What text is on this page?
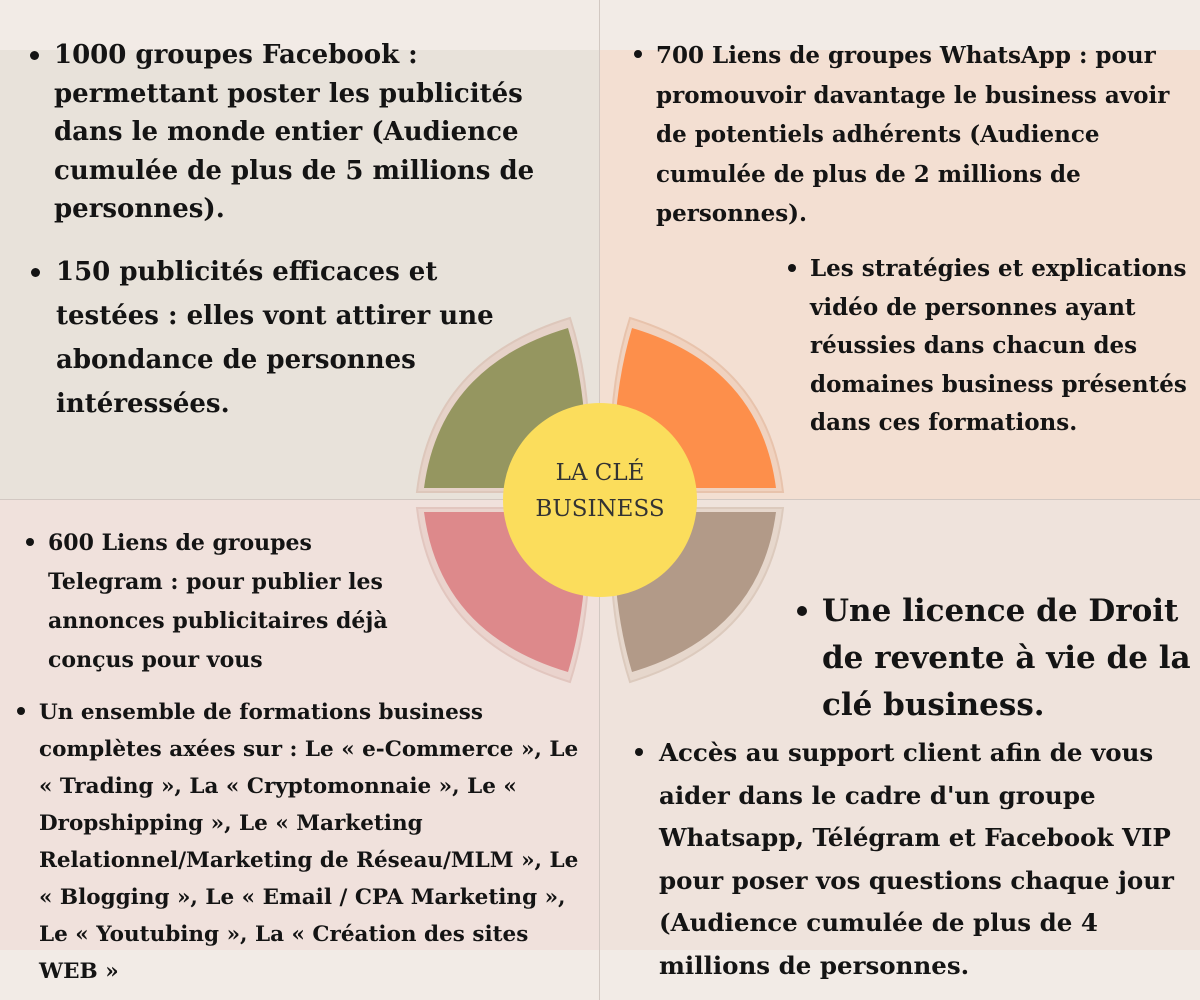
1000 groupes Facebook : permettant poster les publicités dans le monde entier (Audience cumulée de plus de 5 millions de personnes).

150 publicités efficaces et testées : elles vont attirer une abondance de personnes intéressées.

700 Liens de groupes WhatsApp : pour promouvoir davantage le business avoir de potentiels adhérents (Audience cumulée de plus de 2 millions de personnes).

Les stratégies et explications vidéo de personnes ayant réussies dans chacun des domaines business présentés dans ces formations.

600 Liens de groupes Telegram : pour publier les annonces publicitaires déjà conçus pour vous

Un ensemble de formations business complètes axées sur : Le « e-Commerce », Le « Trading », La « Cryptomonnaie », Le « Dropshipping », Le « Marketing Relationnel/Marketing de Réseau/MLM », Le « Blogging », Le « Email / CPA Marketing », Le « Youtubing », La « Création des sites WEB »

Une licence de Droit de revente à vie de la clé business.

Accès au support client afin de vous aider dans le cadre d'un groupe Whatsapp, Télégram et Facebook VIP pour poser vos questions chaque jour (Audience cumulée de plus de 4 millions de personnes.

LA CLÉ
BUSINESS
